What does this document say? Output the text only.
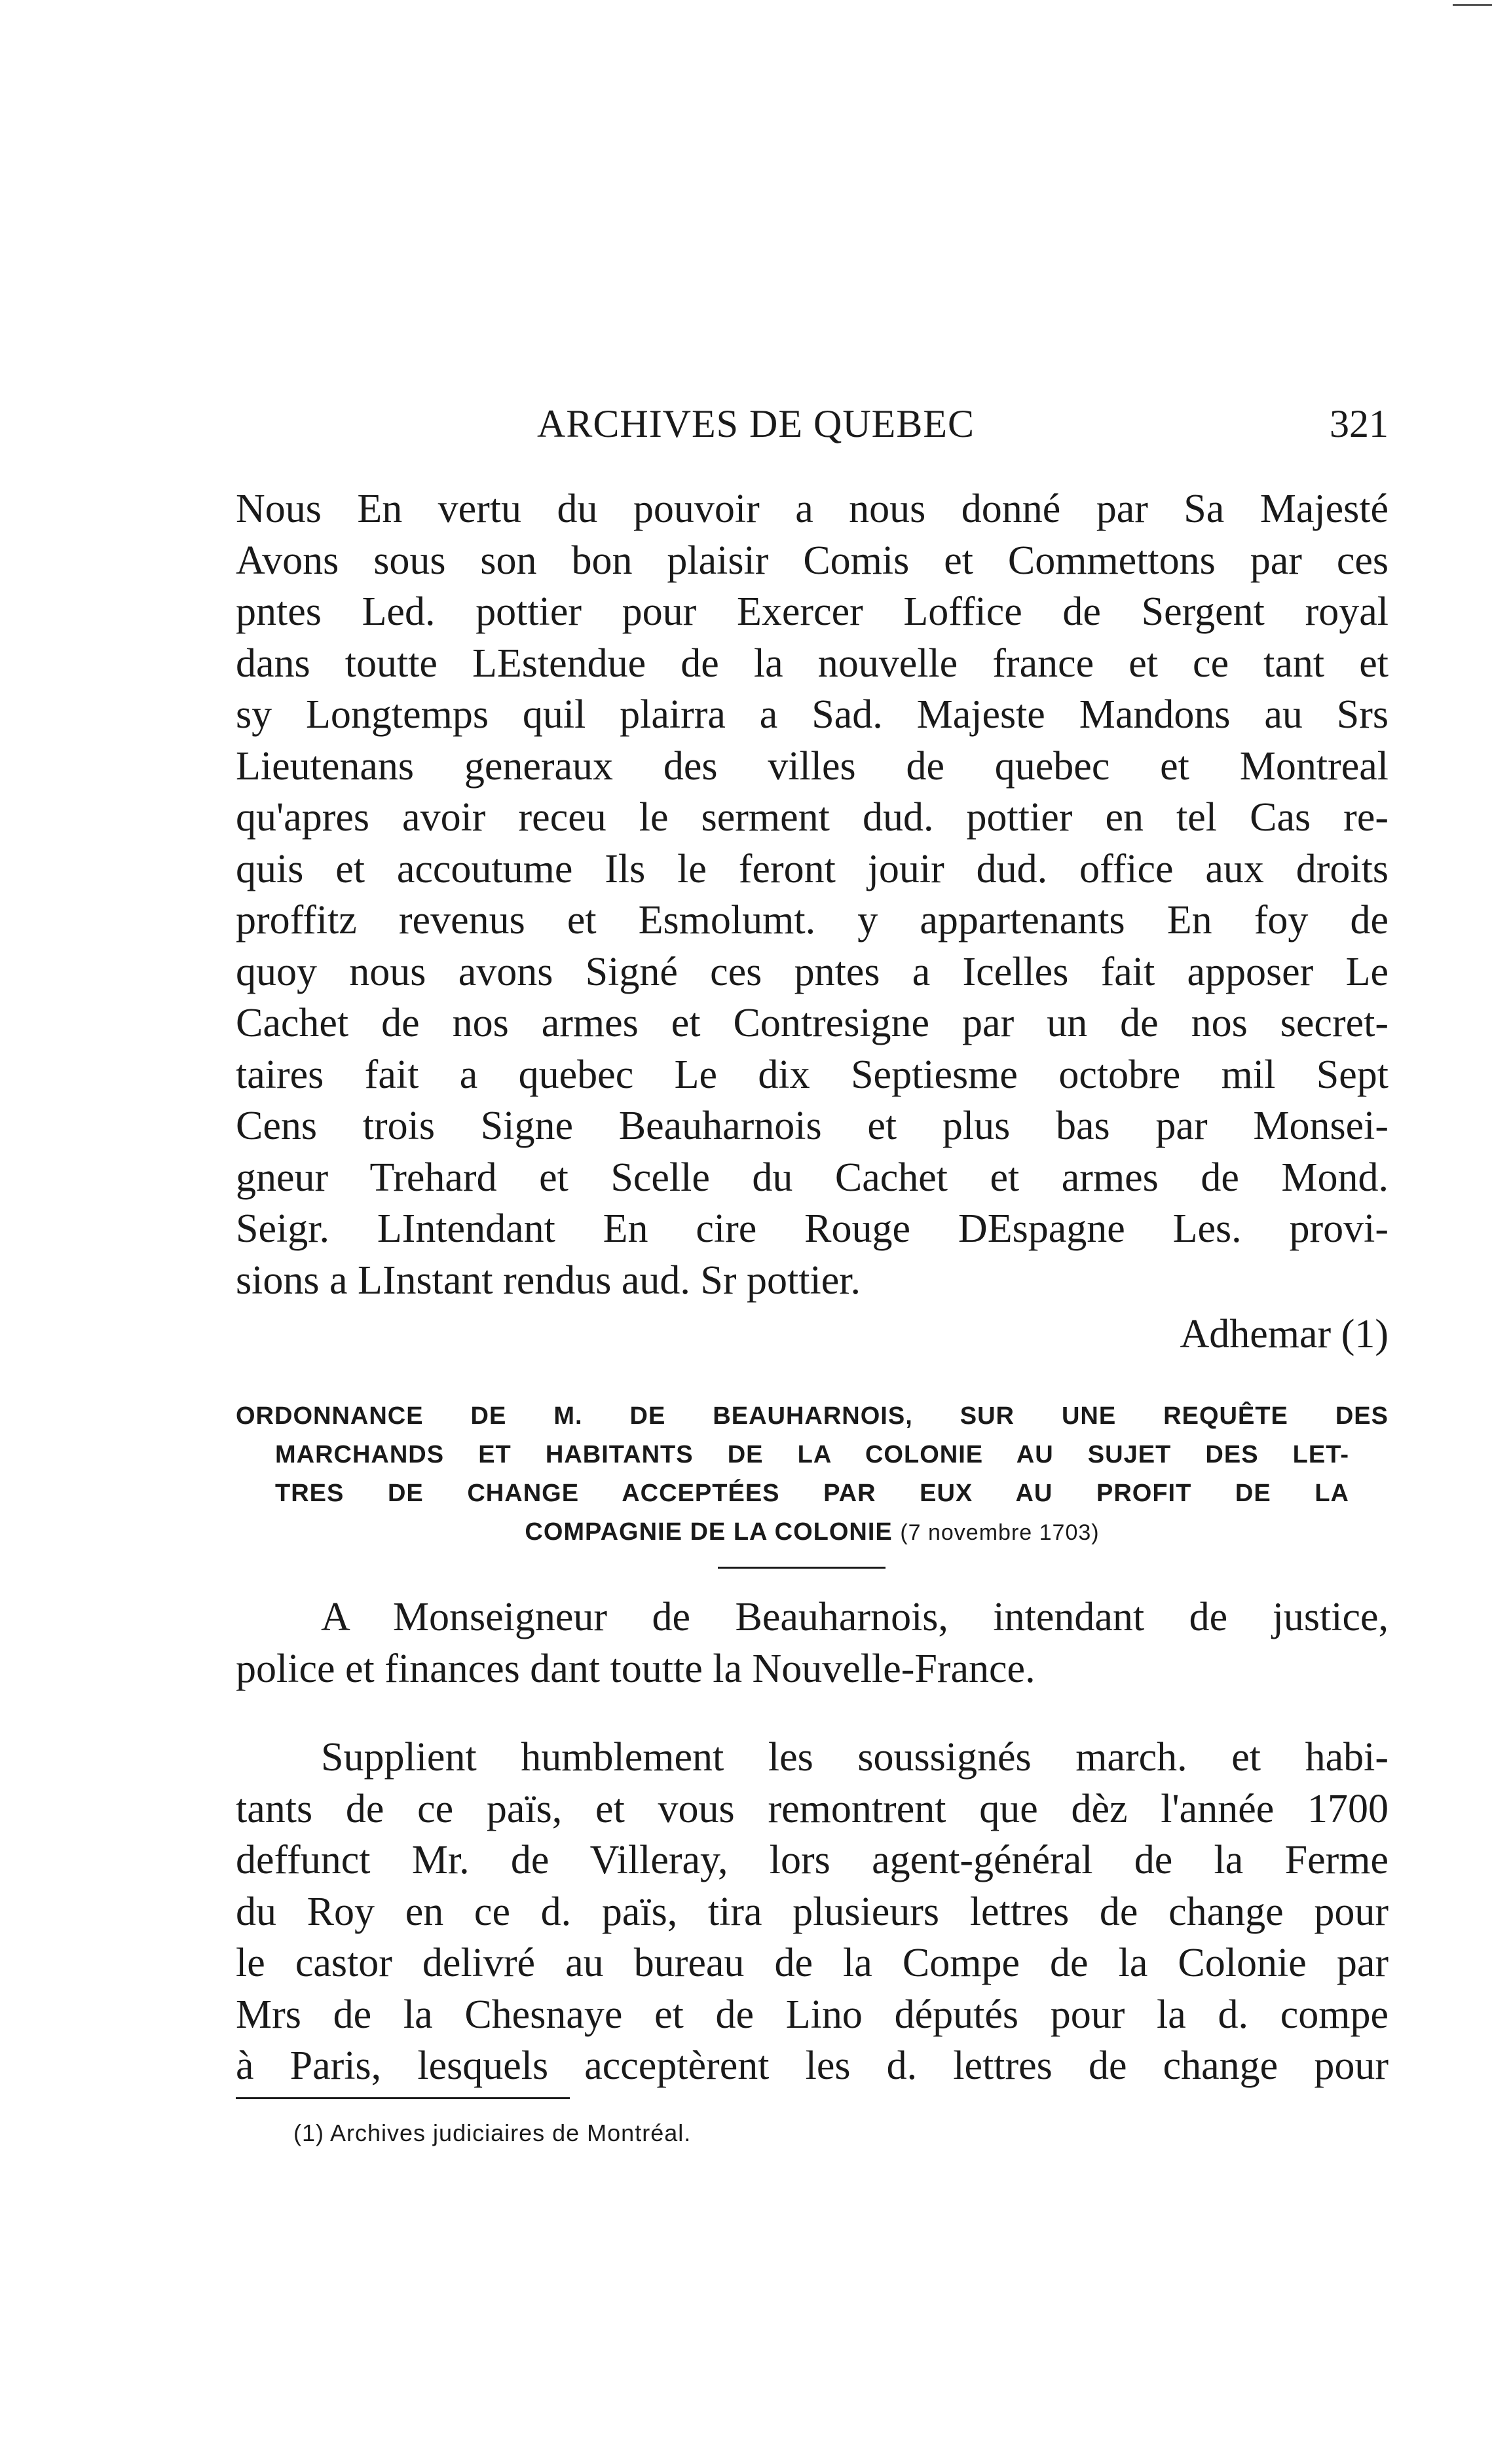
ARCHIVES DE QUEBEC	321
Nous En vertu du pouvoir a nous donné par Sa Majesté
Avons sous son bon plaisir Comis et Commettons par ces
pntes Led. pottier pour Exercer Loffice de Sergent royal
dans toutte LEstendue de la nouvelle france et ce tant et
sy Longtemps quil plairra a Sad. Majeste Mandons au Srs
Lieutenans generaux des villes de quebec et Montreal
qu'apres avoir receu le serment dud. pottier en tel Cas re-
quis et accoutume Ils le feront jouir dud. office aux droits
proffitz revenus et Esmolumt. y appartenants En foy de
quoy nous avons Signé ces pntes a Icelles fait apposer Le
Cachet de nos armes et Contresigne par un de nos secret-
taires fait a quebec Le dix Septiesme octobre mil Sept
Cens trois Signe Beauharnois et plus bas par Monsei-
gneur Trehard et Scelle du Cachet et armes de Mond.
Seigr. LIntendant En cire Rouge DEspagne Les. provi-
sions a LInstant rendus aud. Sr pottier.
Adhemar (1)
ORDONNANCE DE M. DE BEAUHARNOIS, SUR UNE REQUÊTE DES
MARCHANDS ET HABITANTS DE LA COLONIE AU SUJET DES LET-
TRES DE CHANGE ACCEPTÉES PAR EUX AU PROFIT DE LA
COMPAGNIE DE LA COLONIE (7 novembre 1703)
A Monseigneur de Beauharnois, intendant de justice,
police et finances dant toutte la Nouvelle-France.
Supplient humblement les soussignés march. et habi-
tants de ce païs, et vous remontrent que dèz l'année 1700
deffunct Mr. de Villeray, lors agent-général de la Ferme
du Roy en ce d. païs, tira plusieurs lettres de change pour
le castor delivré au bureau de la Compe de la Colonie par
Mrs de la Chesnaye et de Lino députés pour la d. compe
à Paris, lesquels acceptèrent les d. lettres de change pour
(1) Archives judiciaires de Montréal.
